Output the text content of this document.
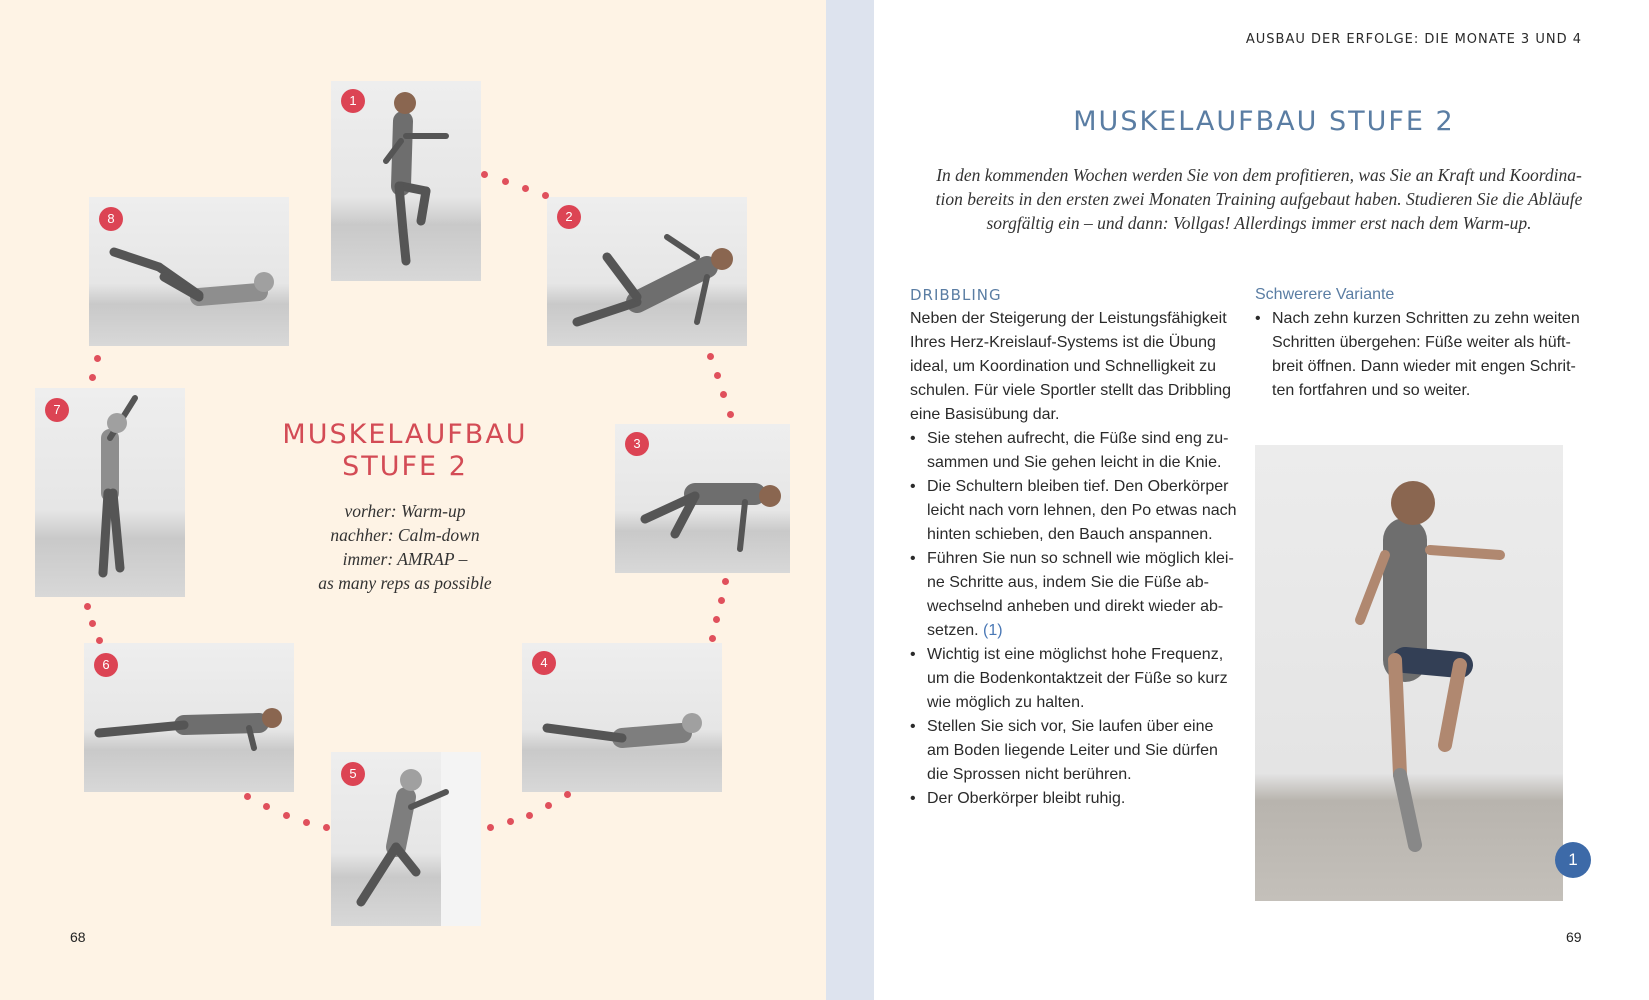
1
2
3
4
5
6
7
8
MUSKELAUFBAU
STUFE 2
vorher: Warm-up
nachher: Calm-down
immer: AMRAP –
as many reps as possible
68
AUSBAU DER ERFOLGE: DIE MONATE 3 UND 4
MUSKELAUFBAU STUFE 2
In den kommenden Wochen werden Sie von dem profitieren, was Sie an Kraft und Koordina-
tion bereits in den ersten zwei Monaten Training aufgebaut haben. Studieren Sie die Abläufe
sorgfältig ein – und dann: Vollgas! Allerdings immer erst nach dem Warm-up.
DRIBBLING
Neben der Steigerung der Leistungsfähigkeit
Ihres Herz-Kreislauf-Systems ist die Übung
ideal, um Koordination und Schnelligkeit zu
schulen. Für viele Sportler stellt das Dribbling
eine Basisübung dar.
• Sie stehen aufrecht, die Füße sind eng zu-
sammen und Sie gehen leicht in die Knie.
• Die Schultern bleiben tief. Den Oberkörper
leicht nach vorn lehnen, den Po etwas nach
hinten schieben, den Bauch anspannen.
• Führen Sie nun so schnell wie möglich klei-
ne Schritte aus, indem Sie die Füße ab-
wechselnd anheben und direkt wieder ab-
setzen. (1)
• Wichtig ist eine möglichst hohe Frequenz,
um die Bodenkontaktzeit der Füße so kurz
wie möglich zu halten.
• Stellen Sie sich vor, Sie laufen über eine
am Boden liegende Leiter und Sie dürfen
die Sprossen nicht berühren.
• Der Oberkörper bleibt ruhig.
Schwerere Variante
• Nach zehn kurzen Schritten zu zehn weiten
Schritten übergehen: Füße weiter als hüft-
breit öffnen. Dann wieder mit engen Schrit-
ten fortfahren und so weiter.
1
69
